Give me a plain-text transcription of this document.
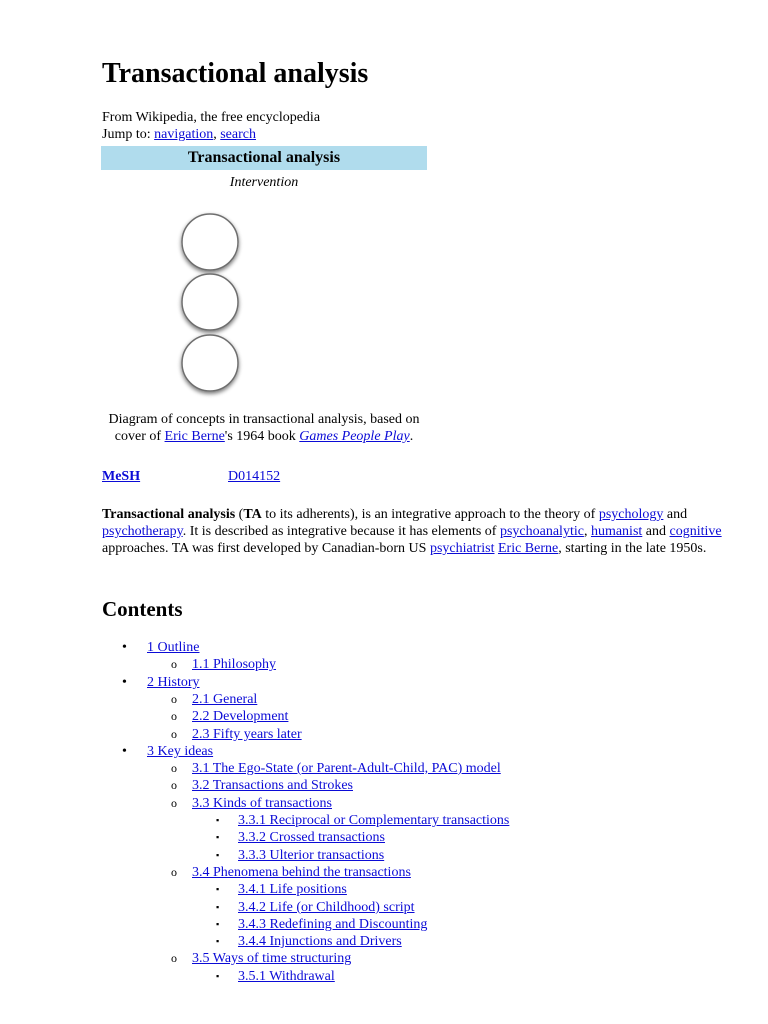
Transactional analysis
From Wikipedia, the free encyclopedia
Jump to: navigation, search
Transactional analysis
Intervention
Diagram of concepts in transactional analysis, based on cover of Eric Berne's 1964 book Games People Play.
MeSH	D014152

Transactional analysis (TA to its adherents), is an integrative approach to the theory of psychology and psychotherapy. It is described as integrative because it has elements of psychoanalytic, humanist and cognitive approaches. TA was first developed by Canadian-born US psychiatrist Eric Berne, starting in the late 1950s.

Contents
• 1 Outline
o 1.1 Philosophy
• 2 History
o 2.1 General
o 2.2 Development
o 2.3 Fifty years later
• 3 Key ideas
o 3.1 The Ego-State (or Parent-Adult-Child, PAC) model
o 3.2 Transactions and Strokes
o 3.3 Kinds of transactions
▪ 3.3.1 Reciprocal or Complementary transactions
▪ 3.3.2 Crossed transactions
▪ 3.3.3 Ulterior transactions
o 3.4 Phenomena behind the transactions
▪ 3.4.1 Life positions
▪ 3.4.2 Life (or Childhood) script
▪ 3.4.3 Redefining and Discounting
▪ 3.4.4 Injunctions and Drivers
o 3.5 Ways of time structuring
▪ 3.5.1 Withdrawal
